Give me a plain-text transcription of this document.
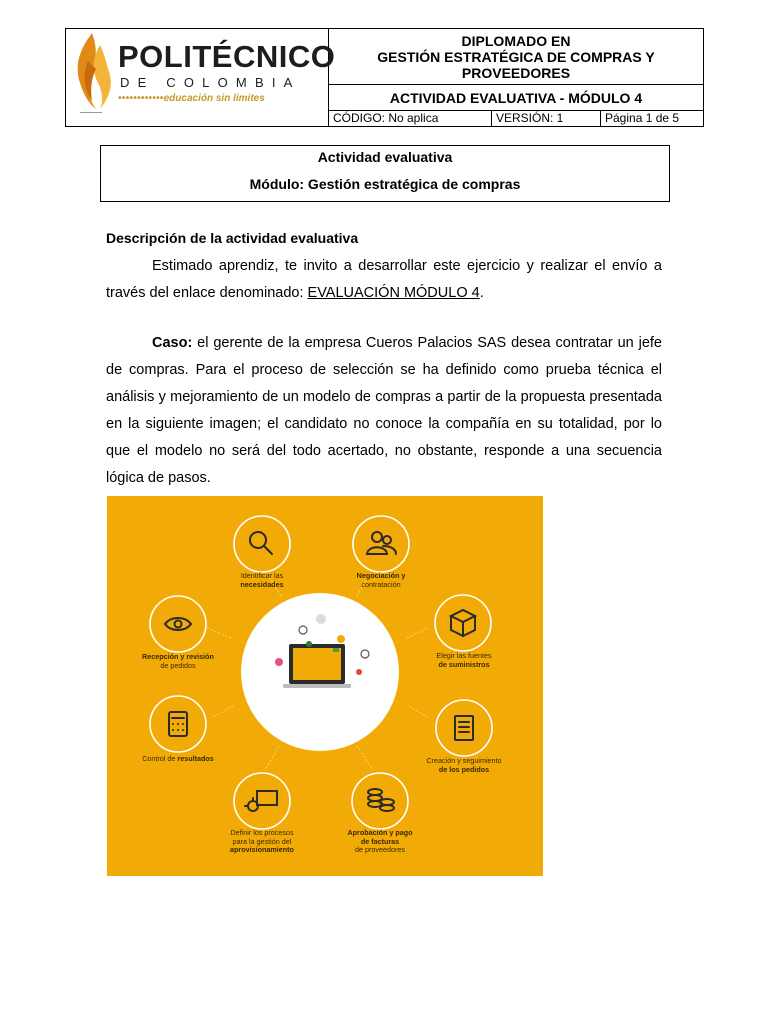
POLITÉCNICO
DE COLOMBIA
••••••••••••educación sin limites
DIPLOMADO EN
GESTIÓN ESTRATÉGICA DE COMPRAS Y
PROVEEDORES
ACTIVIDAD EVALUATIVA - MÓDULO 4
CÓDIGO: No aplica	VERSIÓN: 1	Página 1 de 5
Actividad evaluativa
Módulo: Gestión estratégica de compras
Descripción de la actividad evaluativa
Estimado aprendiz, te invito a desarrollar este ejercicio y realizar el envío a través del enlace denominado: EVALUACIÓN MÓDULO 4.
Caso: el gerente de la empresa Cueros Palacios SAS desea contratar un jefe de compras. Para el proceso de selección se ha definido como prueba técnica el análisis y mejoramiento de un modelo de compras a partir de la propuesta presentada en la siguiente imagen; el candidato no conoce la compañía en su totalidad, por lo que el modelo no será del todo acertado, no obstante, responde a una secuencia lógica de pasos.
Identificar las
necesidades
Negociación y
contratación
Elegir las fuentes
de suministros
Creación y seguimiento
de los pedidos
Aprobación y pago
de facturas
de proveedores
Definir los procesos
para la gestión del
aprovisionamiento
Control de resultados
Recepción y revisión
de pedidos
